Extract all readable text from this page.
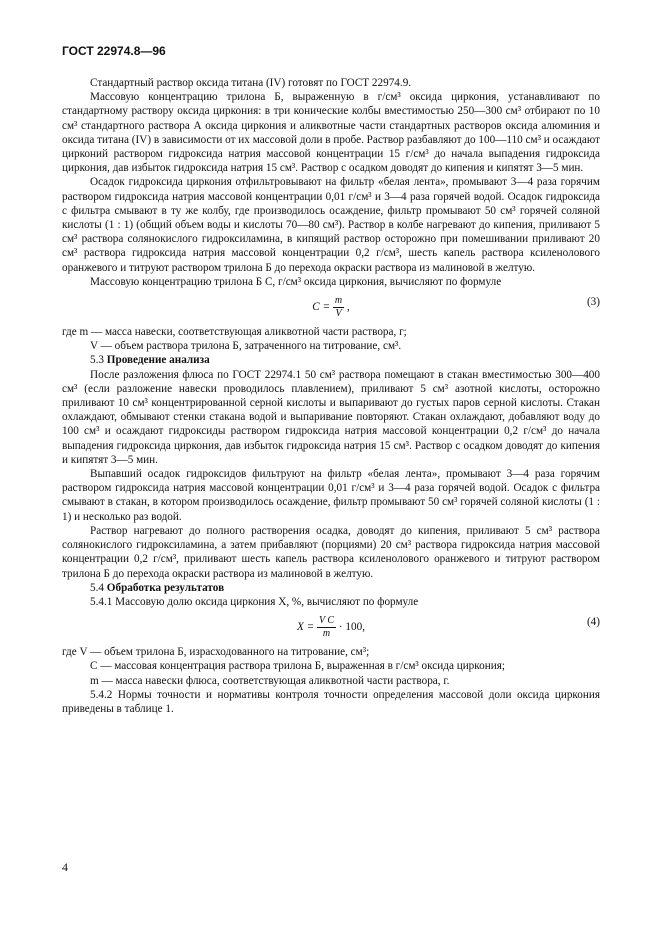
ГОСТ 22974.8—96

Стандартный раствор оксида титана (IV) готовят по ГОСТ 22974.9.

Массовую концентрацию трилона Б, выраженную в г/см³ оксида циркония, устанавливают по стандартному раствору оксида циркония: в три конические колбы вместимостью 250—300 см³ отбирают по 10 см³ стандартного раствора А оксида циркония и аликвотные части стандартных растворов оксида алюминия и оксида титана (IV) в зависимости от их массовой доли в пробе. Раствор разбавляют до 100—110 см³ и осаждают цирконий раствором гидроксида натрия массовой концентрации 15 г/см³ до начала выпадения гидроксида циркония, дав избыток гидроксида натрия 15 см³. Раствор с осадком доводят до кипения и кипятят 3—5 мин.

Осадок гидроксида циркония отфильтровывают на фильтр «белая лента», промывают 3—4 раза горячим раствором гидроксида натрия массовой концентрации 0,01 г/см³ и 3—4 раза горячей водой. Осадок гидроксида с фильтра смывают в ту же колбу, где производилось осаждение, фильтр промывают 50 см³ горячей соляной кислоты (1 : 1) (общий объем воды и кислоты 70—80 см³). Раствор в колбе нагревают до кипения, приливают 5 см³ раствора солянокислого гидроксиламина, в кипящий раствор осторожно при помешивании приливают 20 см³ раствора гидроксида натрия массовой концентрации 0,2 г/см³, шесть капель раствора ксиленолового оранжевого и титруют раствором трилона Б до перехода окраски раствора из малиновой в желтую.

Массовую концентрацию трилона Б C, г/см³ оксида циркония, вычисляют по формуле

$C = \frac{m}{V}$ ,	(3)
где m — масса навески, соответствующая аликвотной части раствора, г;
V — объем раствора трилона Б, затраченного на титрование, см³.

5.3 Проведение анализа

После разложения флюса по ГОСТ 22974.1 50 см³ раствора помещают в стакан вместимостью 300—400 см³ (если разложение навески проводилось плавлением), приливают 5 см³ азотной кислоты, осторожно приливают 10 см³ концентрированной серной кислоты и выпаривают до густых паров серной кислоты. Стакан охлаждают, обмывают стенки стакана водой и выпаривание повторяют. Стакан охлаждают, добавляют воду до 100 см³ и осаждают гидроксиды раствором гидроксида натрия массовой концентрации 0,2 г/см³ до начала выпадения гидроксида циркония, дав избыток гидроксида натрия 15 см³. Раствор с осадком доводят до кипения и кипятят 3—5 мин.

Выпавший осадок гидроксидов фильтруют на фильтр «белая лента», промывают 3—4 раза горячим раствором гидроксида натрия массовой концентрации 0,01 г/см³ и 3—4 раза горячей водой. Осадок с фильтра смывают в стакан, в котором производилось осаждение, фильтр промывают 50 см³ горячей соляной кислоты (1 : 1) и несколько раз водой.

Раствор нагревают до полного растворения осадка, доводят до кипения, приливают 5 см³ раствора солянокислого гидроксиламина, а затем прибавляют (порциями) 20 см³ раствора гидроксида натрия массовой концентрации 0,2 г/см³, приливают шесть капель раствора ксиленолового оранжевого и титруют раствором трилона Б до перехода окраски раствора из малиновой в желтую.

5.4 Обработка результатов

5.4.1 Массовую долю оксида циркония X, %, вычисляют по формуле

$X = \frac{\text{V C}}{m} \cdot 100$,	(4)
где V — объем трилона Б, израсходованного на титрование, см³;
C — массовая концентрация раствора трилона Б, выраженная в г/см³ оксида циркония;
m — масса навески флюса, соответствующая аликвотной части раствора, г.

5.4.2 Нормы точности и нормативы контроля точности определения массовой доли оксида циркония приведены в таблице 1.

4
